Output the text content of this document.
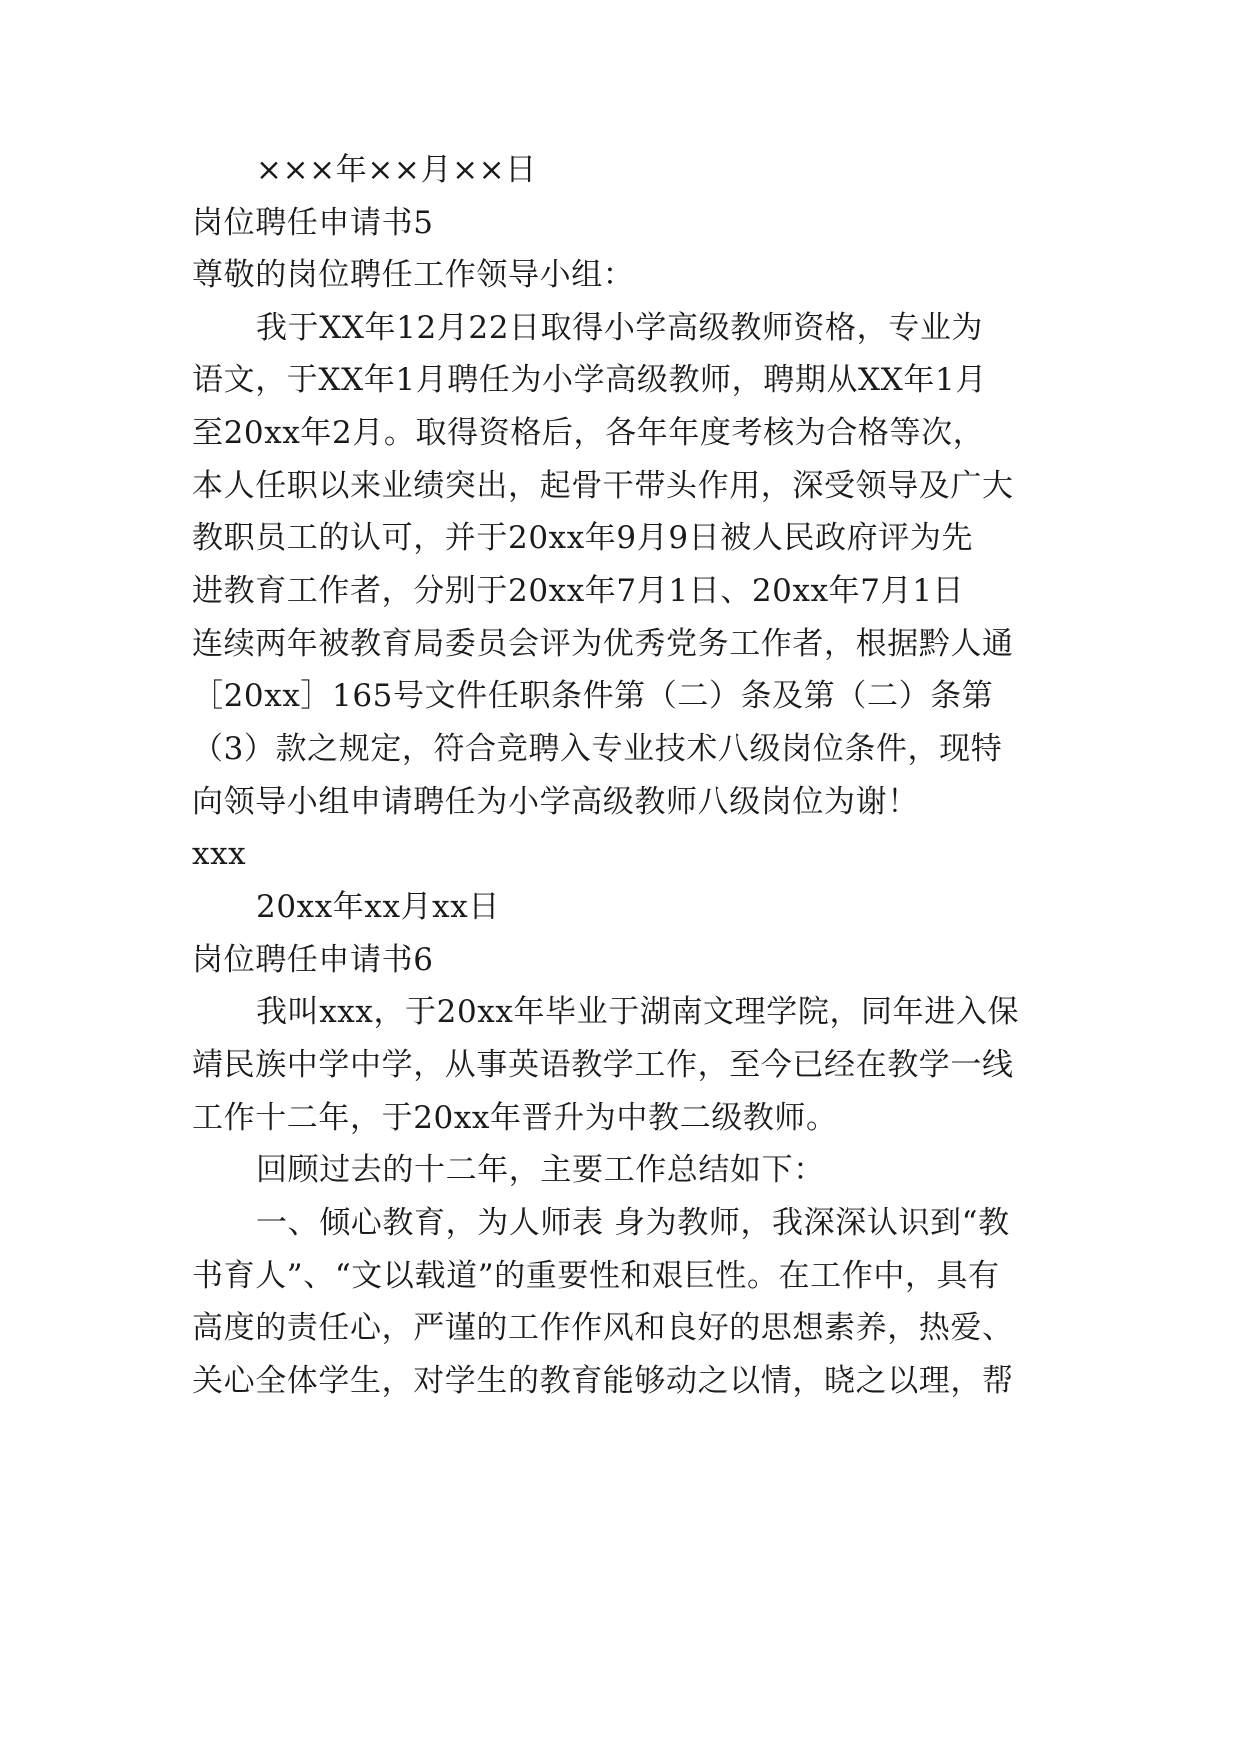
×××年××月××日
岗位聘任申请书5
尊敬的岗位聘任工作领导小组：
我于XX年12月22日取得小学高级教师资格，专业为
语文，于XX年1月聘任为小学高级教师，聘期从XX年1月
至20xx年2月。取得资格后，各年年度考核为合格等次，
本人任职以来业绩突出，起骨干带头作用，深受领导及广大
教职员工的认可，并于20xx年9月9日被人民政府评为先
进教育工作者，分别于20xx年7月1日、20xx年7月1日
连续两年被教育局委员会评为优秀党务工作者，根据黔人通
［20xx］165号文件任职条件第（二）条及第（二）条第
（3）款之规定，符合竞聘入专业技术八级岗位条件，现特
向领导小组申请聘任为小学高级教师八级岗位为谢！
xxx
20xx年xx月xx日
岗位聘任申请书6
我叫xxx，于20xx年毕业于湖南文理学院，同年进入保
靖民族中学中学，从事英语教学工作，至今已经在教学一线
工作十二年，于20xx年晋升为中教二级教师。
回顾过去的十二年，主要工作总结如下：
一、倾心教育，为人师表 身为教师，我深深认识到“教
书育人”、“文以载道”的重要性和艰巨性。在工作中，具有
高度的责任心，严谨的工作作风和良好的思想素养，热爱、
关心全体学生，对学生的教育能够动之以情，晓之以理，帮
